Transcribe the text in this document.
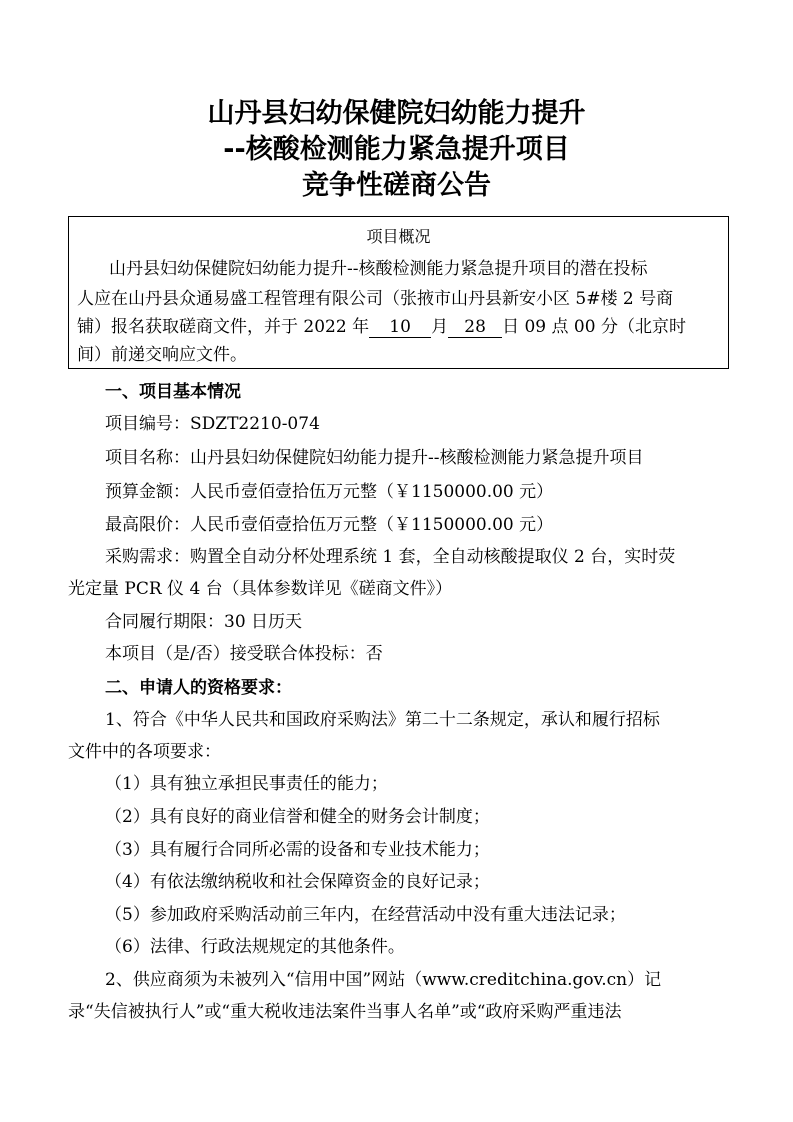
山丹县妇幼保健院妇幼能力提升
--核酸检测能力紧急提升项目
竞争性磋商公告
项目概况
山丹县妇幼保健院妇幼能力提升--核酸检测能力紧急提升项目的潜在投标
人应在山丹县众通易盛工程管理有限公司（张掖市山丹县新安小区 5#楼 2 号商
铺）报名获取磋商文件，并于 2022 年 10 月 28 日 09 点 00 分（北京时
间）前递交响应文件。
一、项目基本情况
项目编号：SDZT2210-074
项目名称：山丹县妇幼保健院妇幼能力提升--核酸检测能力紧急提升项目
预算金额：人民币壹佰壹拾伍万元整（￥1150000.00 元）
最高限价：人民币壹佰壹拾伍万元整（￥1150000.00 元）
采购需求：购置全自动分杯处理系统 1 套，全自动核酸提取仪 2 台，实时荧
光定量 PCR 仪 4 台（具体参数详见《磋商文件》）
合同履行期限：30 日历天
本项目（是/否）接受联合体投标：否
二、申请人的资格要求：
1、符合《中华人民共和国政府采购法》第二十二条规定，承认和履行招标
文件中的各项要求：
（1）具有独立承担民事责任的能力；
（2）具有良好的商业信誉和健全的财务会计制度；
（3）具有履行合同所必需的设备和专业技术能力；
（4）有依法缴纳税收和社会保障资金的良好记录；
（5）参加政府采购活动前三年内，在经营活动中没有重大违法记录；
（6）法律、行政法规规定的其他条件。
2、供应商须为未被列入“信用中国”网站（www.creditchina.gov.cn）记
录“失信被执行人”或“重大税收违法案件当事人名单”或“政府采购严重违法
